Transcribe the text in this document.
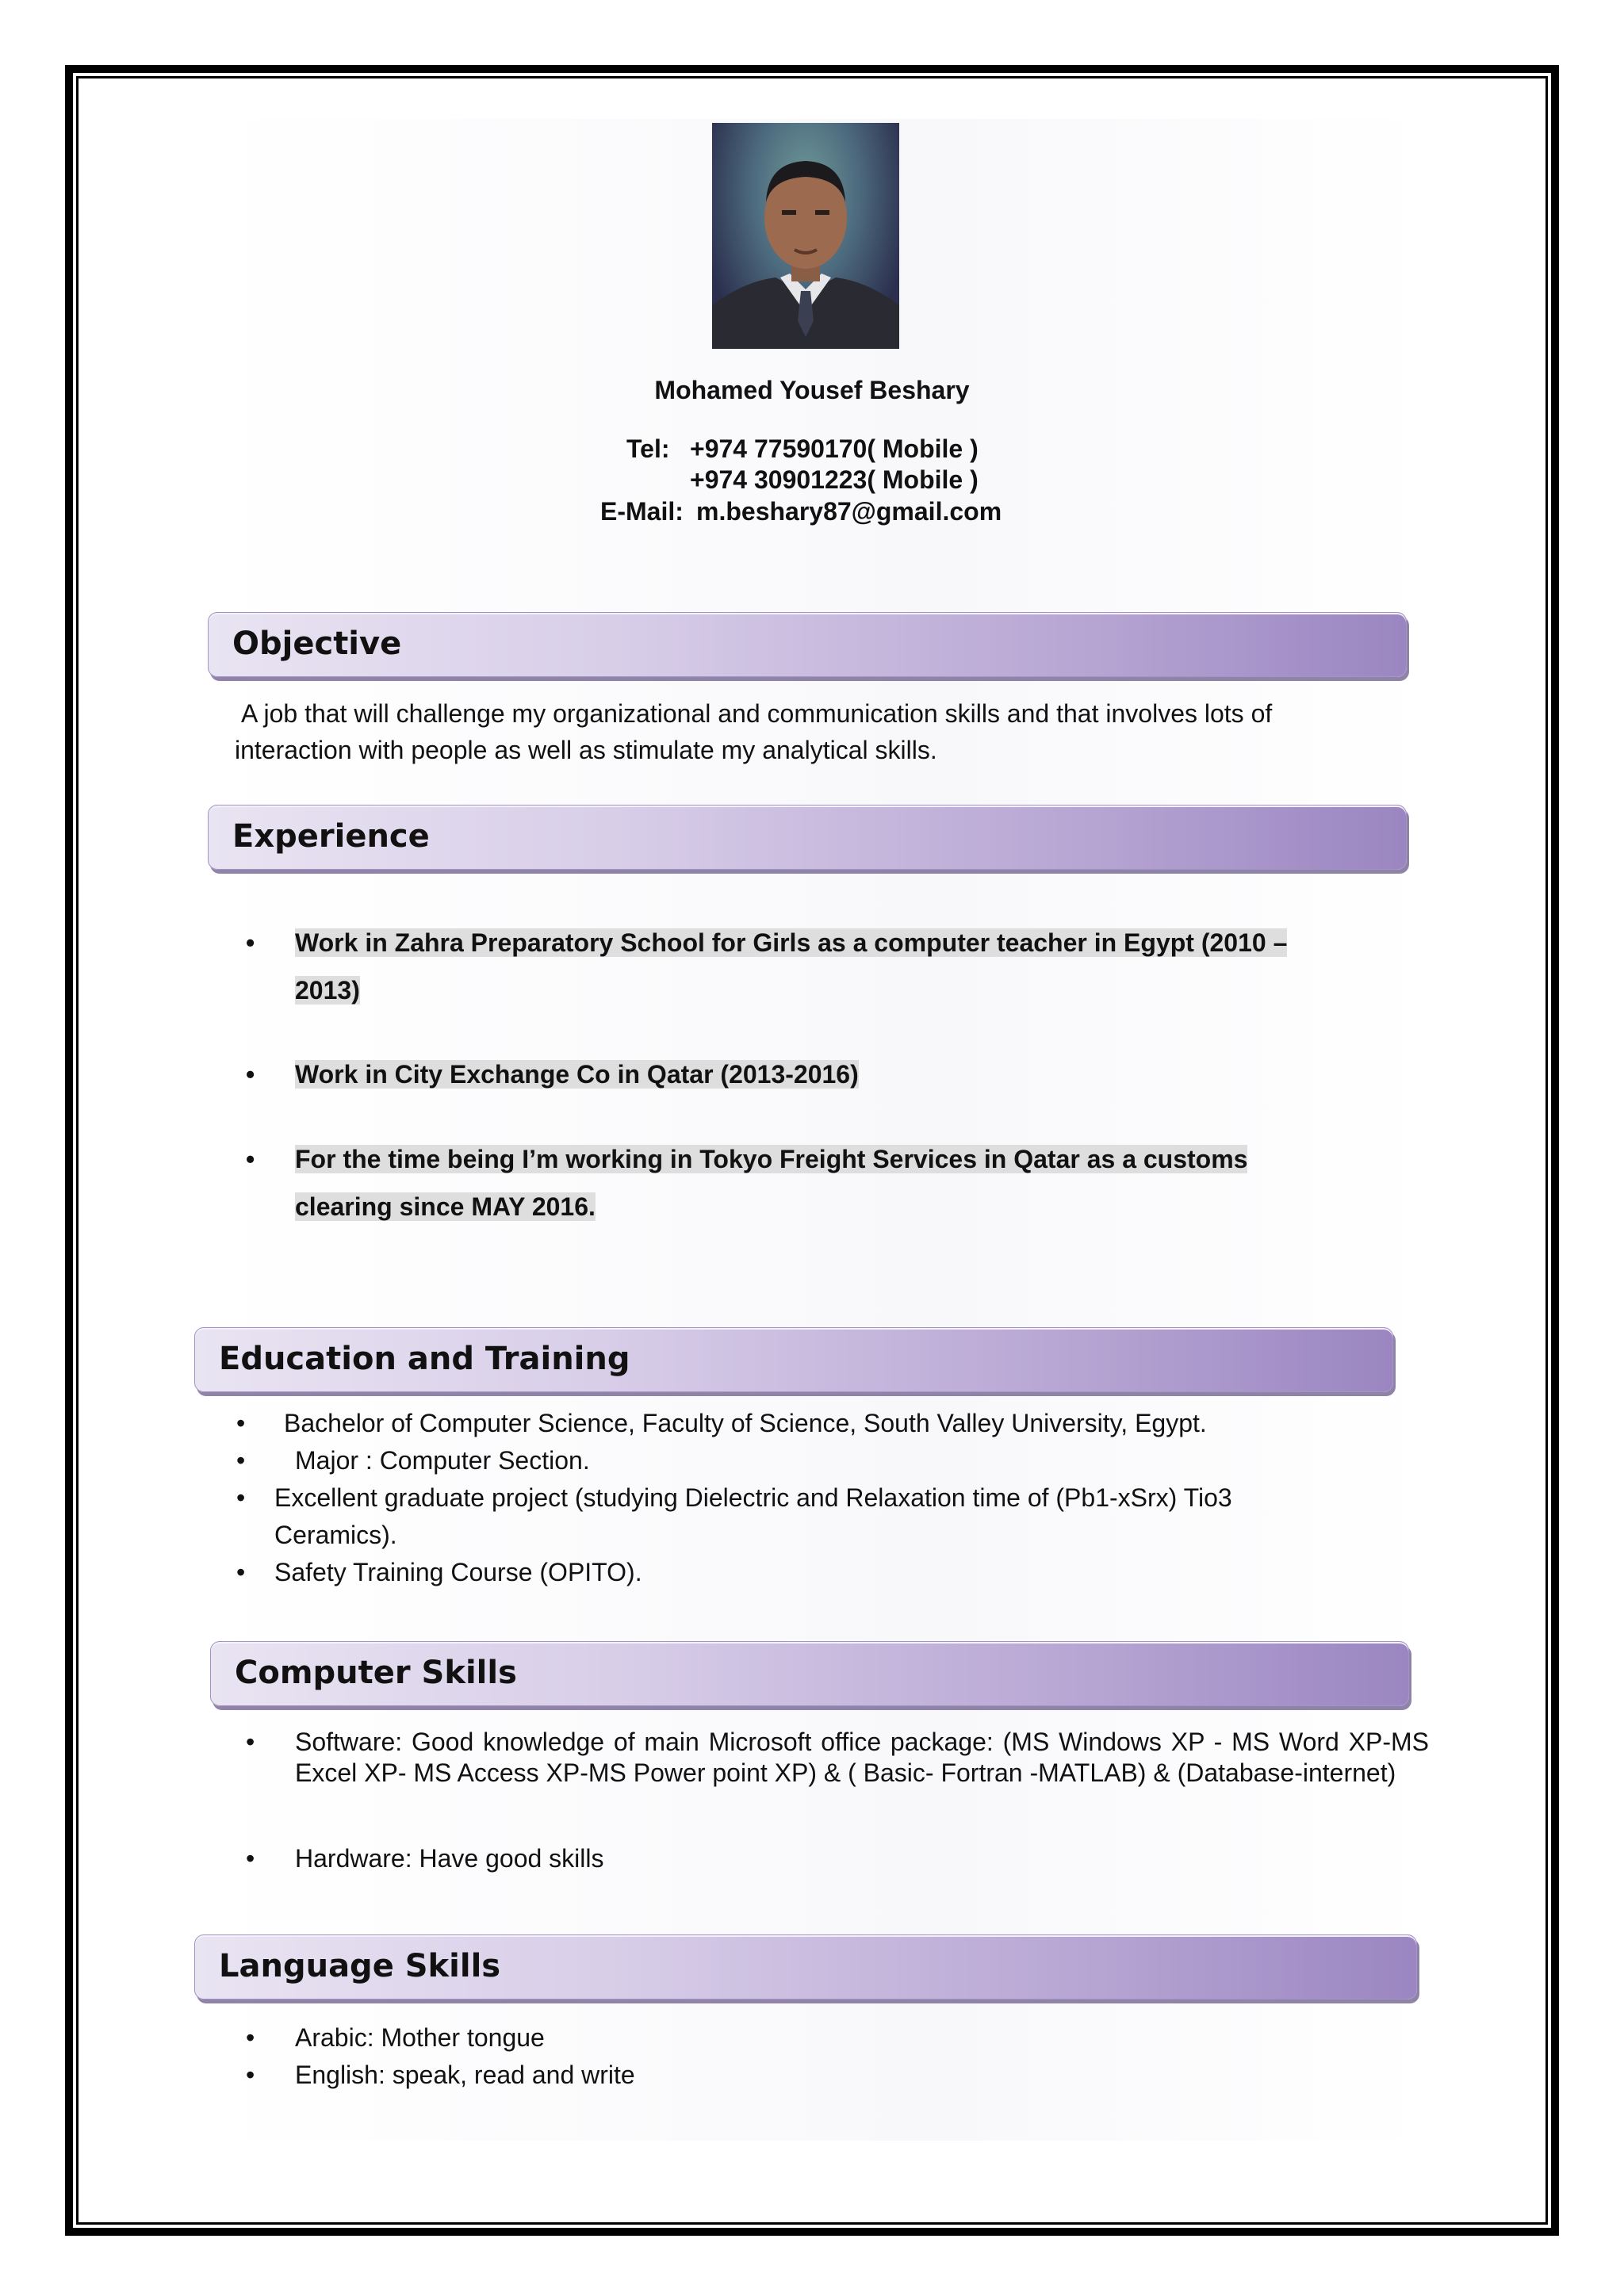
Mohamed Yousef Beshary
Tel: +974 77590170( Mobile )
+974 30901223( Mobile )
E-Mail: m.beshary87@gmail.com
Objective
A job that will challenge my organizational and communication skills and that involves lots of
interaction with people as well as stimulate my analytical skills.
Experience
• Work in Zahra Preparatory School for Girls as a computer teacher in Egypt (2010 –
2013)
• Work in City Exchange Co in Qatar (2013-2016)
• For the time being I’m working in Tokyo Freight Services in Qatar as a customs
clearing since MAY 2016.
Education and Training
• Bachelor of Computer Science, Faculty of Science, South Valley University, Egypt.
• Major : Computer Section.
• Excellent graduate project (studying Dielectric and Relaxation time of (Pb1-xSrx) Tio3
Ceramics).
• Safety Training Course (OPITO).
Computer Skills
• Software: Good knowledge of main Microsoft office package: (MS Windows XP - MS Word XP-MS Excel XP- MS Access XP-MS Power point XP) & ( Basic- Fortran -MATLAB) & (Database-internet)
• Hardware: Have good skills
Language Skills
• Arabic: Mother tongue
• English: speak, read and write
